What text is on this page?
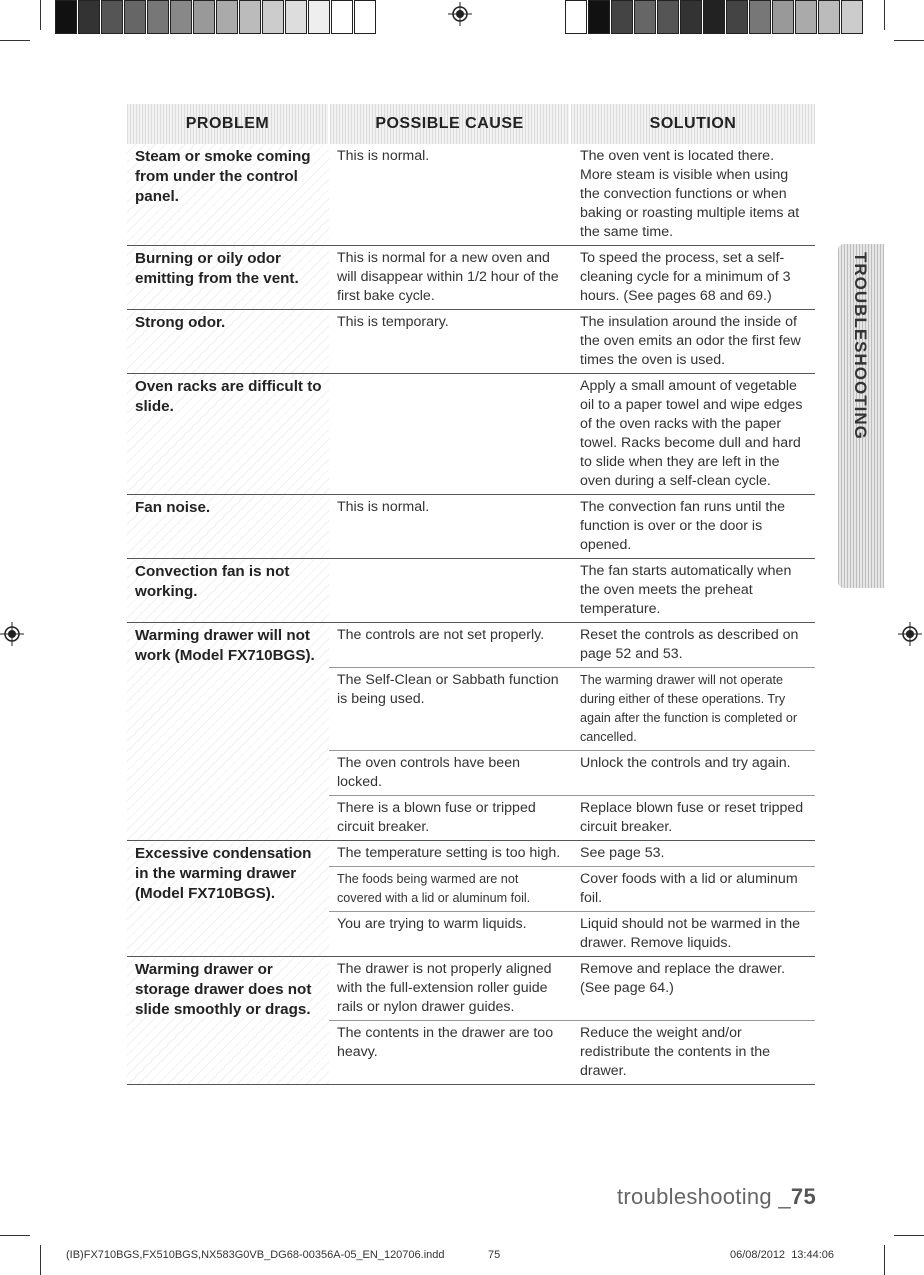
PROBLEM	POSSIBLE CAUSE	SOLUTION
Steam or smoke coming from under the control panel.	This is normal.	The oven vent is located there. More steam is visible when using the convection functions or when baking or roasting multiple items at the same time.
Burning or oily odor emitting from the vent.	This is normal for a new oven and will disappear within 1/2 hour of the first bake cycle.	To speed the process, set a self-cleaning cycle for a minimum of 3 hours. (See pages 68 and 69.)
Strong odor.	This is temporary.	The insulation around the inside of the oven emits an odor the first few times the oven is used.
Oven racks are difficult to slide.		Apply a small amount of vegetable oil to a paper towel and wipe edges of the oven racks with the paper towel. Racks become dull and hard to slide when they are left in the oven during a self-clean cycle.
Fan noise.	This is normal.	The convection fan runs until the function is over or the door is opened.
Convection fan is not working.		The fan starts automatically when the oven meets the preheat temperature.
Warming drawer will not work (Model FX710BGS).	The controls are not set properly.	Reset the controls as described on page 52 and 53.
	The Self-Clean or Sabbath function is being used.	The warming drawer will not operate during either of these operations. Try again after the function is completed or cancelled.
	The oven controls have been locked.	Unlock the controls and try again.
	There is a blown fuse or tripped circuit breaker.	Replace blown fuse or reset tripped circuit breaker.
Excessive condensation in the warming drawer (Model FX710BGS).	The temperature setting is too high.	See page 53.
	The foods being warmed are not covered with a lid or aluminum foil.	Cover foods with a lid or aluminum foil.
	You are trying to warm liquids.	Liquid should not be warmed in the drawer. Remove liquids.
Warming drawer or storage drawer does not slide smoothly or drags.	The drawer is not properly aligned with the full-extension roller guide rails or nylon drawer guides.	Remove and replace the drawer. (See page 64.)
	The contents in the drawer are too heavy.	Reduce the weight and/or redistribute the contents in the drawer.
TROUBLESHOOTING
troubleshooting _75
(IB)FX710BGS,FX510BGS,NX583G0VB_DG68-00356A-05_EN_120706.indd	75	06/08/2012 13:44:06
